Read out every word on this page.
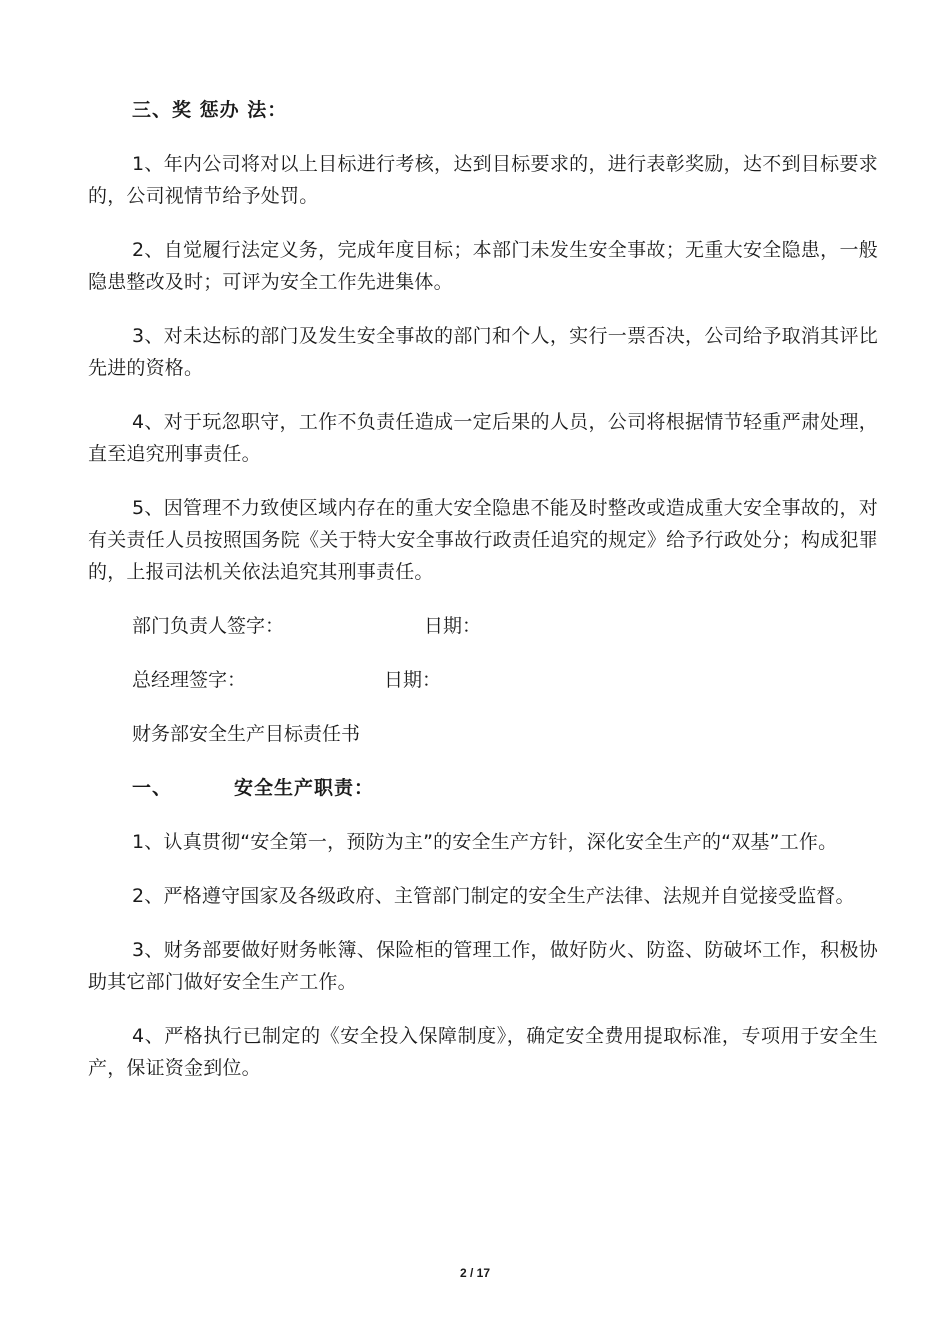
三、奖 惩办 法：

1、年内公司将对以上目标进行考核，达到目标要求的，进行表彰奖励，达不到目标要求的，公司视情节给予处罚。

2、自觉履行法定义务，完成年度目标；本部门未发生安全事故；无重大安全隐患，一般隐患整改及时；可评为安全工作先进集体。

3、对未达标的部门及发生安全事故的部门和个人，实行一票否决，公司给予取消其评比先进的资格。

4、对于玩忽职守，工作不负责任造成一定后果的人员，公司将根据情节轻重严肃处理，直至追究刑事责任。

5、因管理不力致使区域内存在的重大安全隐患不能及时整改或造成重大安全事故的，对有关责任人员按照国务院《关于特大安全事故行政责任追究的规定》给予行政处分；构成犯罪的，上报司法机关依法追究其刑事责任。

部门负责人签字：	日期：
总经理签字：	日期：
财务部安全生产目标责任书
一、	安全生产职责：

1、认真贯彻“安全第一，预防为主”的安全生产方针，深化安全生产的“双基”工作。

2、严格遵守国家及各级政府、主管部门制定的安全生产法律、法规并自觉接受监督。

3、财务部要做好财务帐簿、保险柜的管理工作，做好防火、防盗、防破坏工作，积极协助其它部门做好安全生产工作。

4、严格执行已制定的《安全投入保障制度》，确定安全费用提取标准，专项用于安全生产，保证资金到位。

2 / 17
